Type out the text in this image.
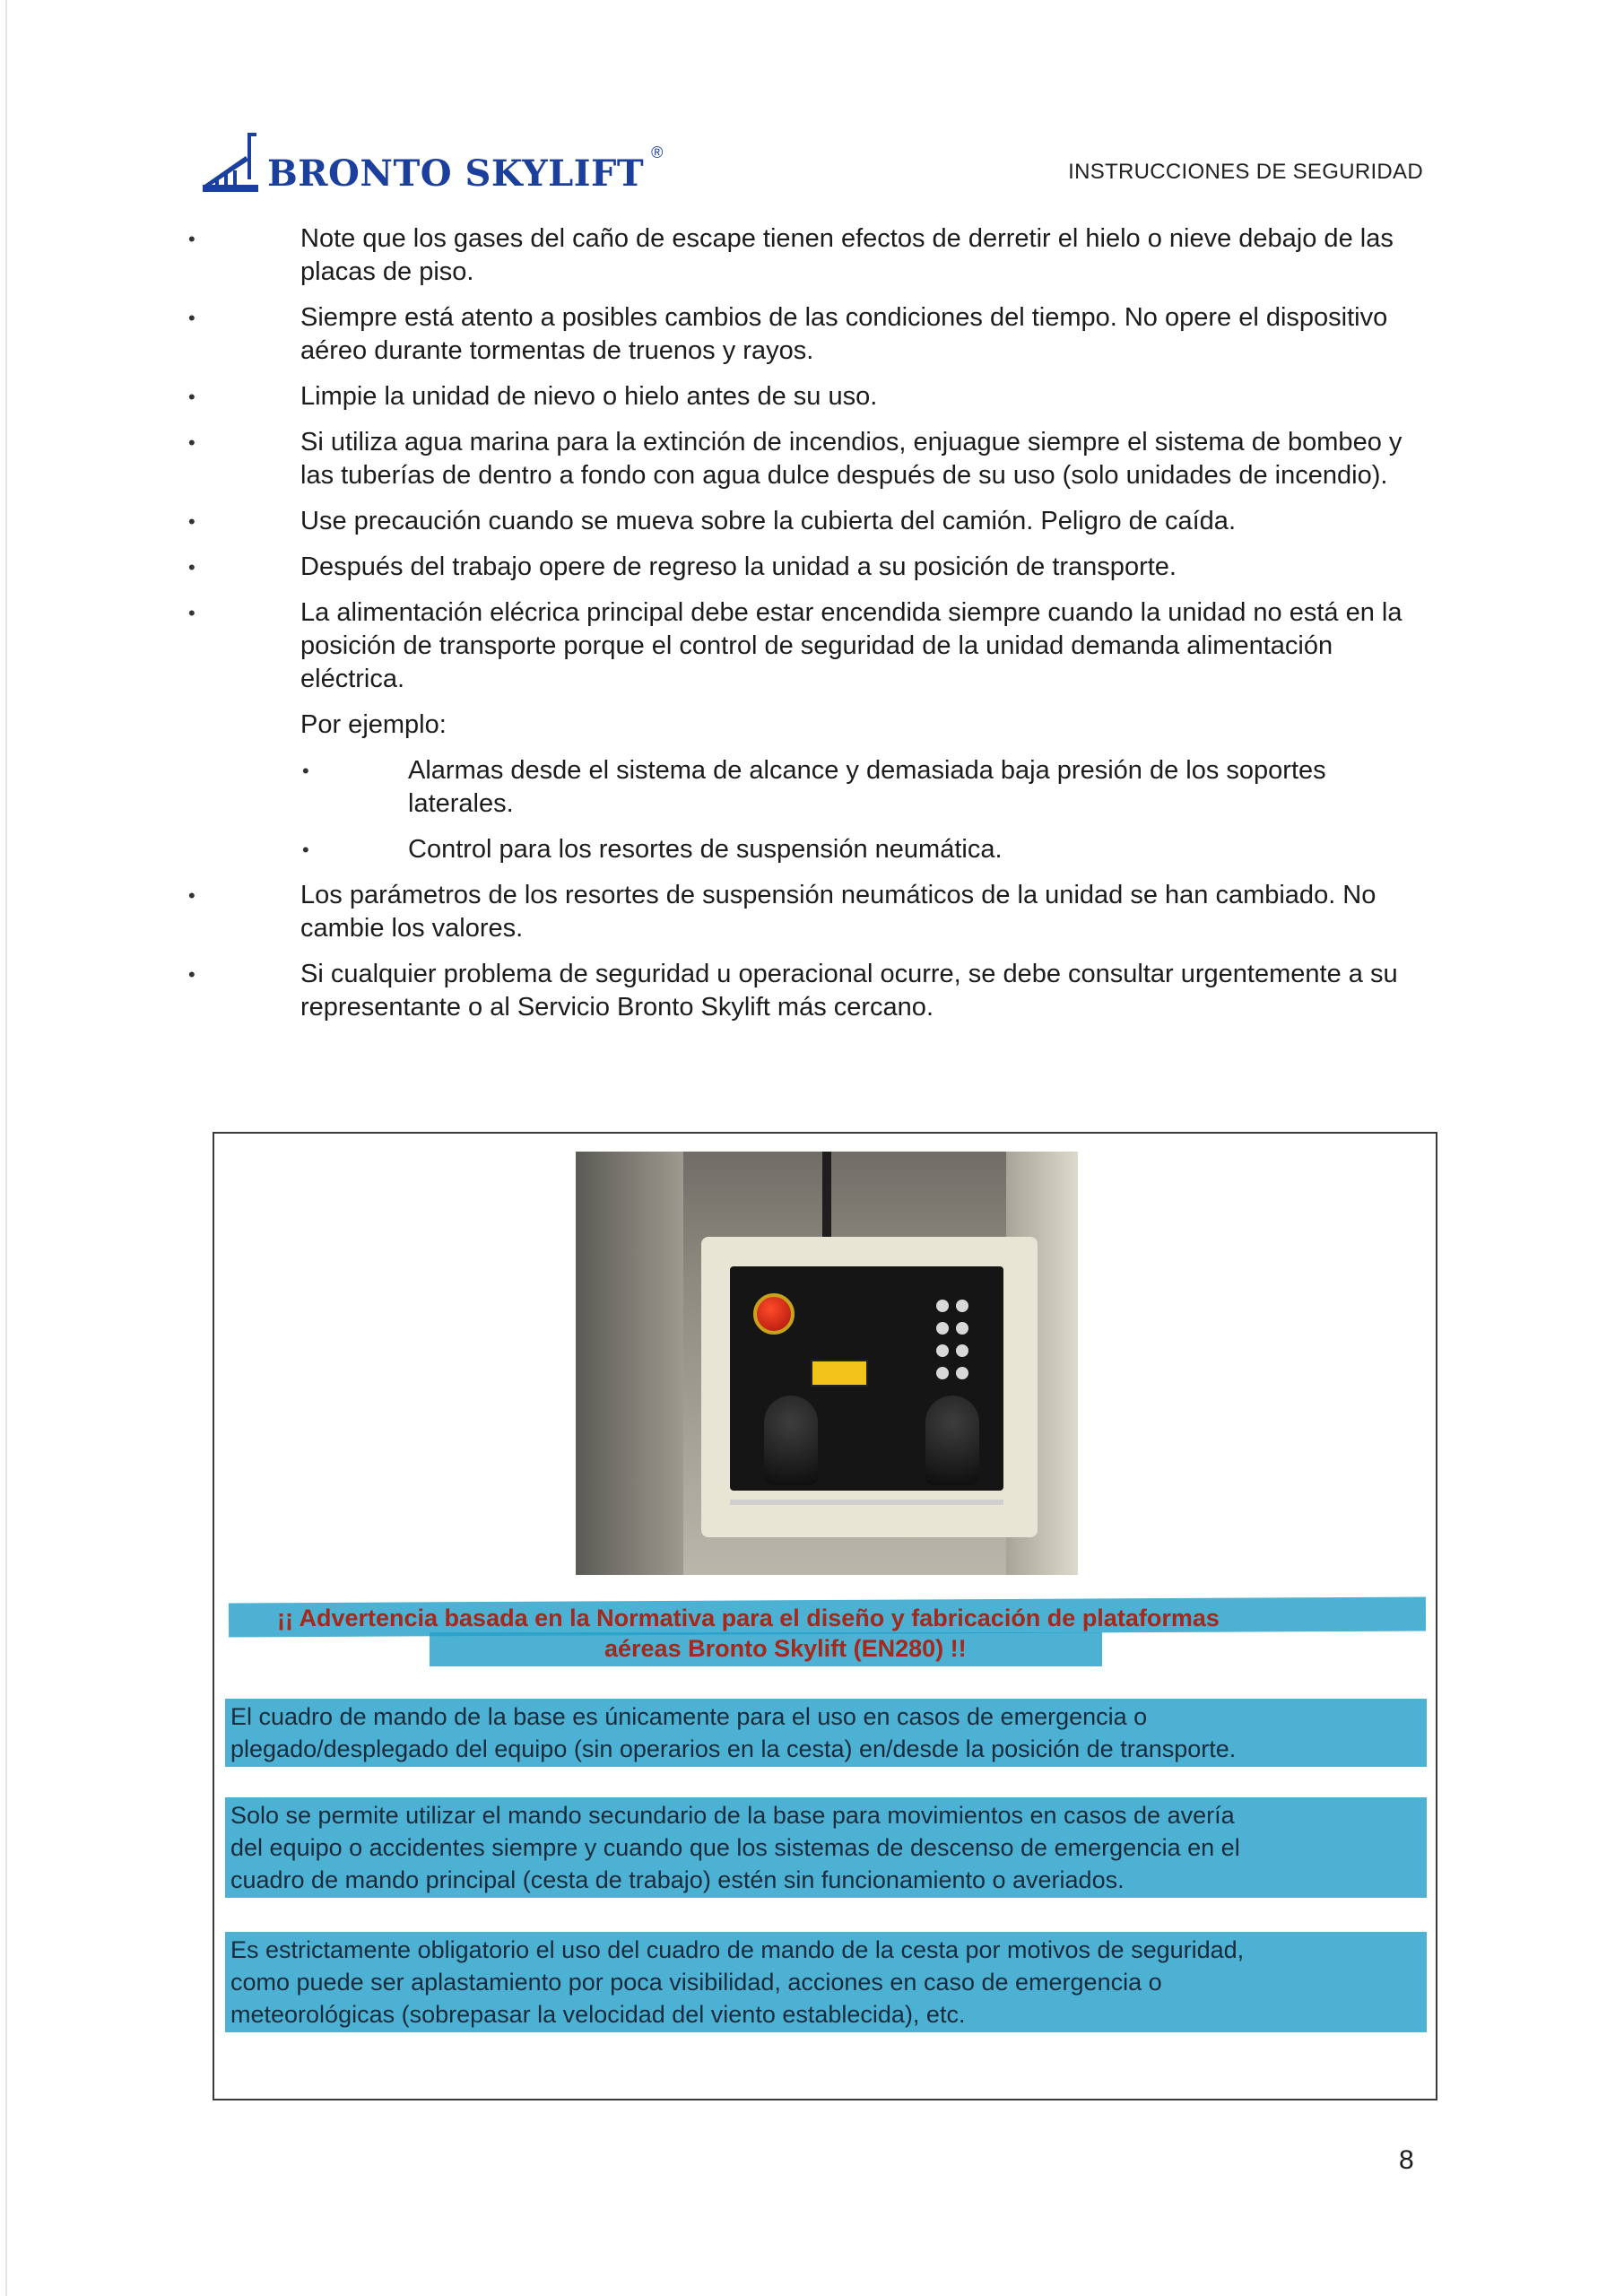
BRONTO SKYLIFT ®
INSTRUCCIONES DE SEGURIDAD
• Note que los gases del caño de escape tienen efectos de derretir el hielo o nieve debajo de las placas de piso.
• Siempre está atento a posibles cambios de las condiciones del tiempo. No opere el dispositivo aéreo durante tormentas de truenos y rayos.
• Limpie la unidad de nievo o hielo antes de su uso.
• Si utiliza agua marina para la extinción de incendios, enjuague siempre el sistema de bombeo y las tuberías de dentro a fondo con agua dulce después de su uso (solo unidades de incendio).
• Use precaución cuando se mueva sobre la cubierta del camión. Peligro de caída.
• Después del trabajo opere de regreso la unidad a su posición de transporte.
• La alimentación elécrica principal debe estar encendida siempre cuando la unidad no está en la posición de transporte porque el control de seguridad de la unidad demanda alimentación eléctrica.

Por ejemplo:

• Alarmas desde el sistema de alcance y demasiada baja presión de los soportes laterales.
• Control para los resortes de suspensión neumática.
• Los parámetros de los resortes de suspensión neumáticos de la unidad se han cambiado. No cambie los valores.
• Si cualquier problema de seguridad u operacional ocurre, se debe consultar urgentemente a su representante o al Servicio Bronto Skylift más cercano.
¡¡ Advertencia basada en la Normativa para el diseño y fabricación de plataformas
aéreas Bronto Skylift (EN280) !!
El cuadro de mando de la base es únicamente para el uso en casos de emergencia o
plegado/desplegado del equipo (sin operarios en la cesta) en/desde la posición de transporte.
Solo se permite utilizar el mando secundario de la base para movimientos en casos de avería
del equipo o accidentes siempre y cuando que los sistemas de descenso de emergencia en el
cuadro de mando principal (cesta de trabajo) estén sin funcionamiento o averiados.
Es estrictamente obligatorio el uso del cuadro de mando de la cesta por motivos de seguridad,
como puede ser aplastamiento por poca visibilidad, acciones en caso de emergencia o
meteorológicas (sobrepasar la velocidad del viento establecida), etc.
8
